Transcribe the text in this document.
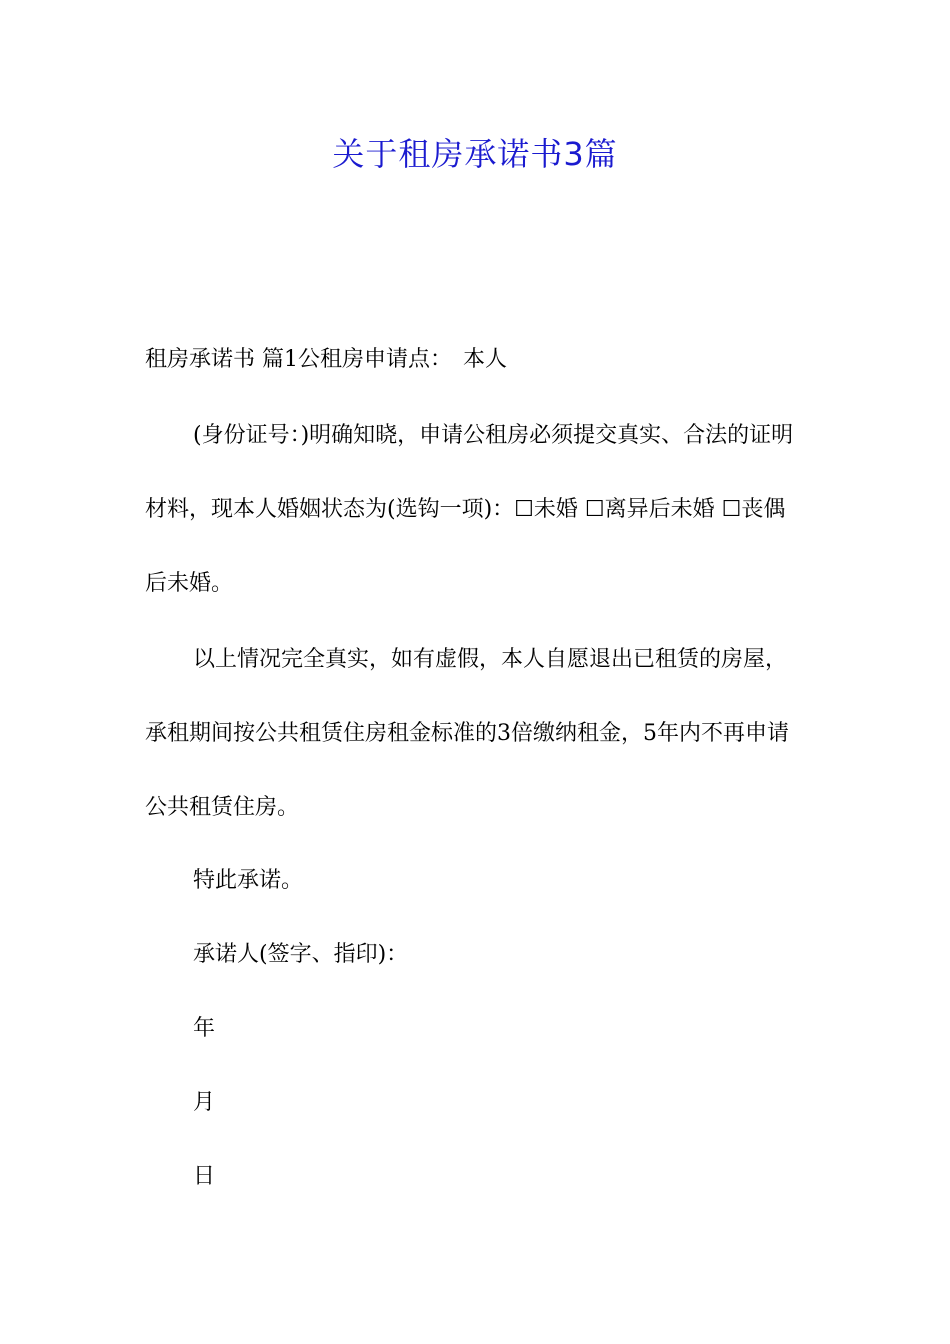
关于租房承诺书3篇

租房承诺书 篇1公租房申请点：　本人

(身份证号：)明确知晓，申请公租房必须提交真实、合法的证明材料，现本人婚姻状态为(选钩一项)：☐未婚 ☐离异后未婚 ☐丧偶后未婚。

以上情况完全真实，如有虚假，本人自愿退出已租赁的房屋，承租期间按公共租赁住房租金标准的3倍缴纳租金，5年内不再申请公共租赁住房。

特此承诺。

承诺人(签字、指印)：

年

月

日
